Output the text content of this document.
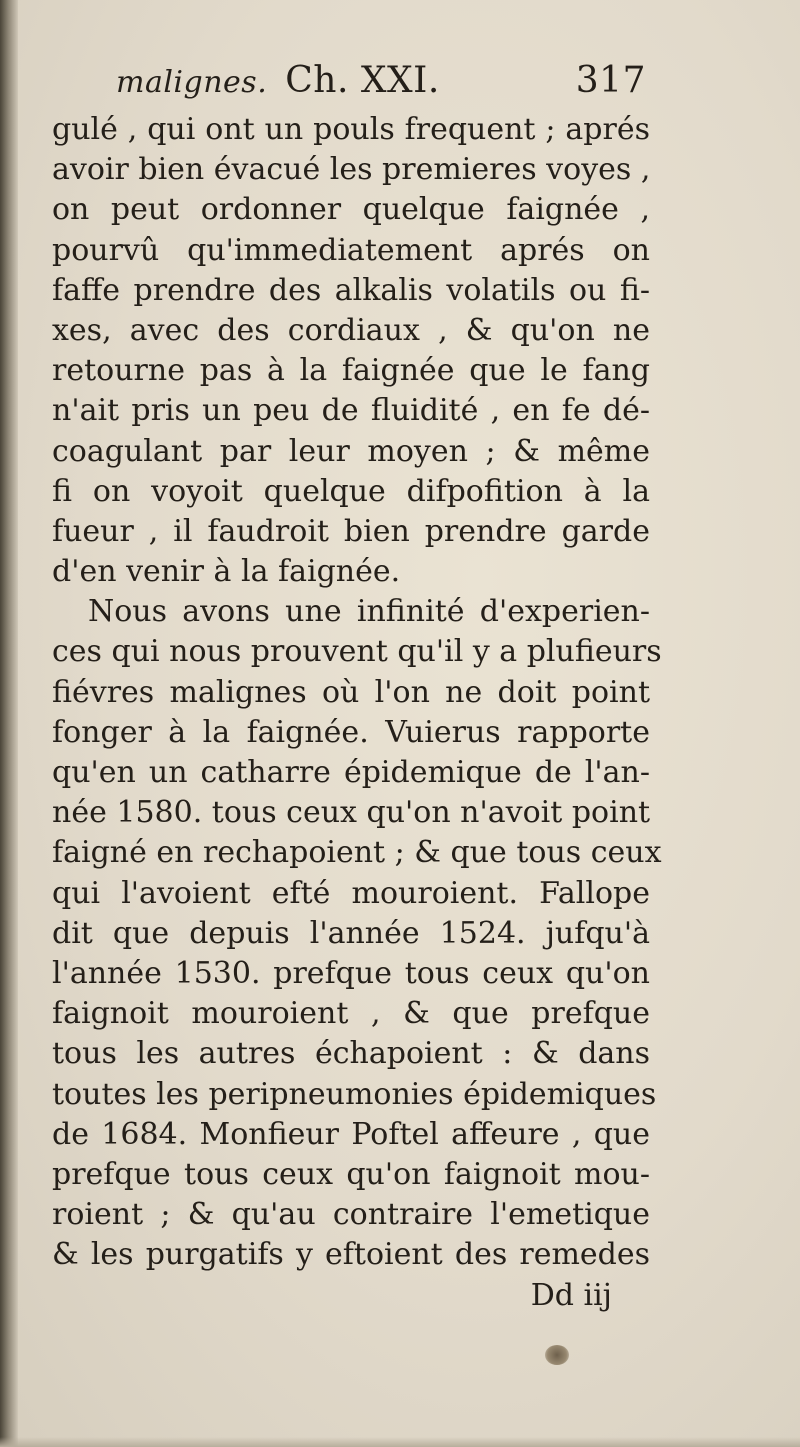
malignes. Ch. XXI.	317
gulé , qui ont un pouls frequent ; aprés
avoir bien évacué les premieres voyes ,
on peut ordonner quelque faignée ,
pourvû qu'immediatement aprés on
faffe prendre des alkalis volatils ou fi-
xes, avec des cordiaux , & qu'on ne
retourne pas à la faignée que le fang
n'ait pris un peu de fluidité , en fe dé-
coagulant par leur moyen ; & même
fi on voyoit quelque difpofition à la
fueur , il faudroit bien prendre garde
d'en venir à la faignée.
Nous avons une infinité d'experien-
ces qui nous prouvent qu'il y a plufieurs
fiévres malignes où l'on ne doit point
fonger à la faignée. Vuierus rapporte
qu'en un catharre épidemique de l'an-
née 1580. tous ceux qu'on n'avoit point
faigné en rechapoient ; & que tous ceux
qui l'avoient efté mouroient. Fallope
dit que depuis l'année 1524. jufqu'à
l'année 1530. prefque tous ceux qu'on
faignoit mouroient , & que prefque
tous les autres échapoient : & dans
toutes les peripneumonies épidemiques
de 1684. Monfieur Poftel affeure , que
prefque tous ceux qu'on faignoit mou-
roient ; & qu'au contraire l'emetique
& les purgatifs y eftoient des remedes
Dd iij
